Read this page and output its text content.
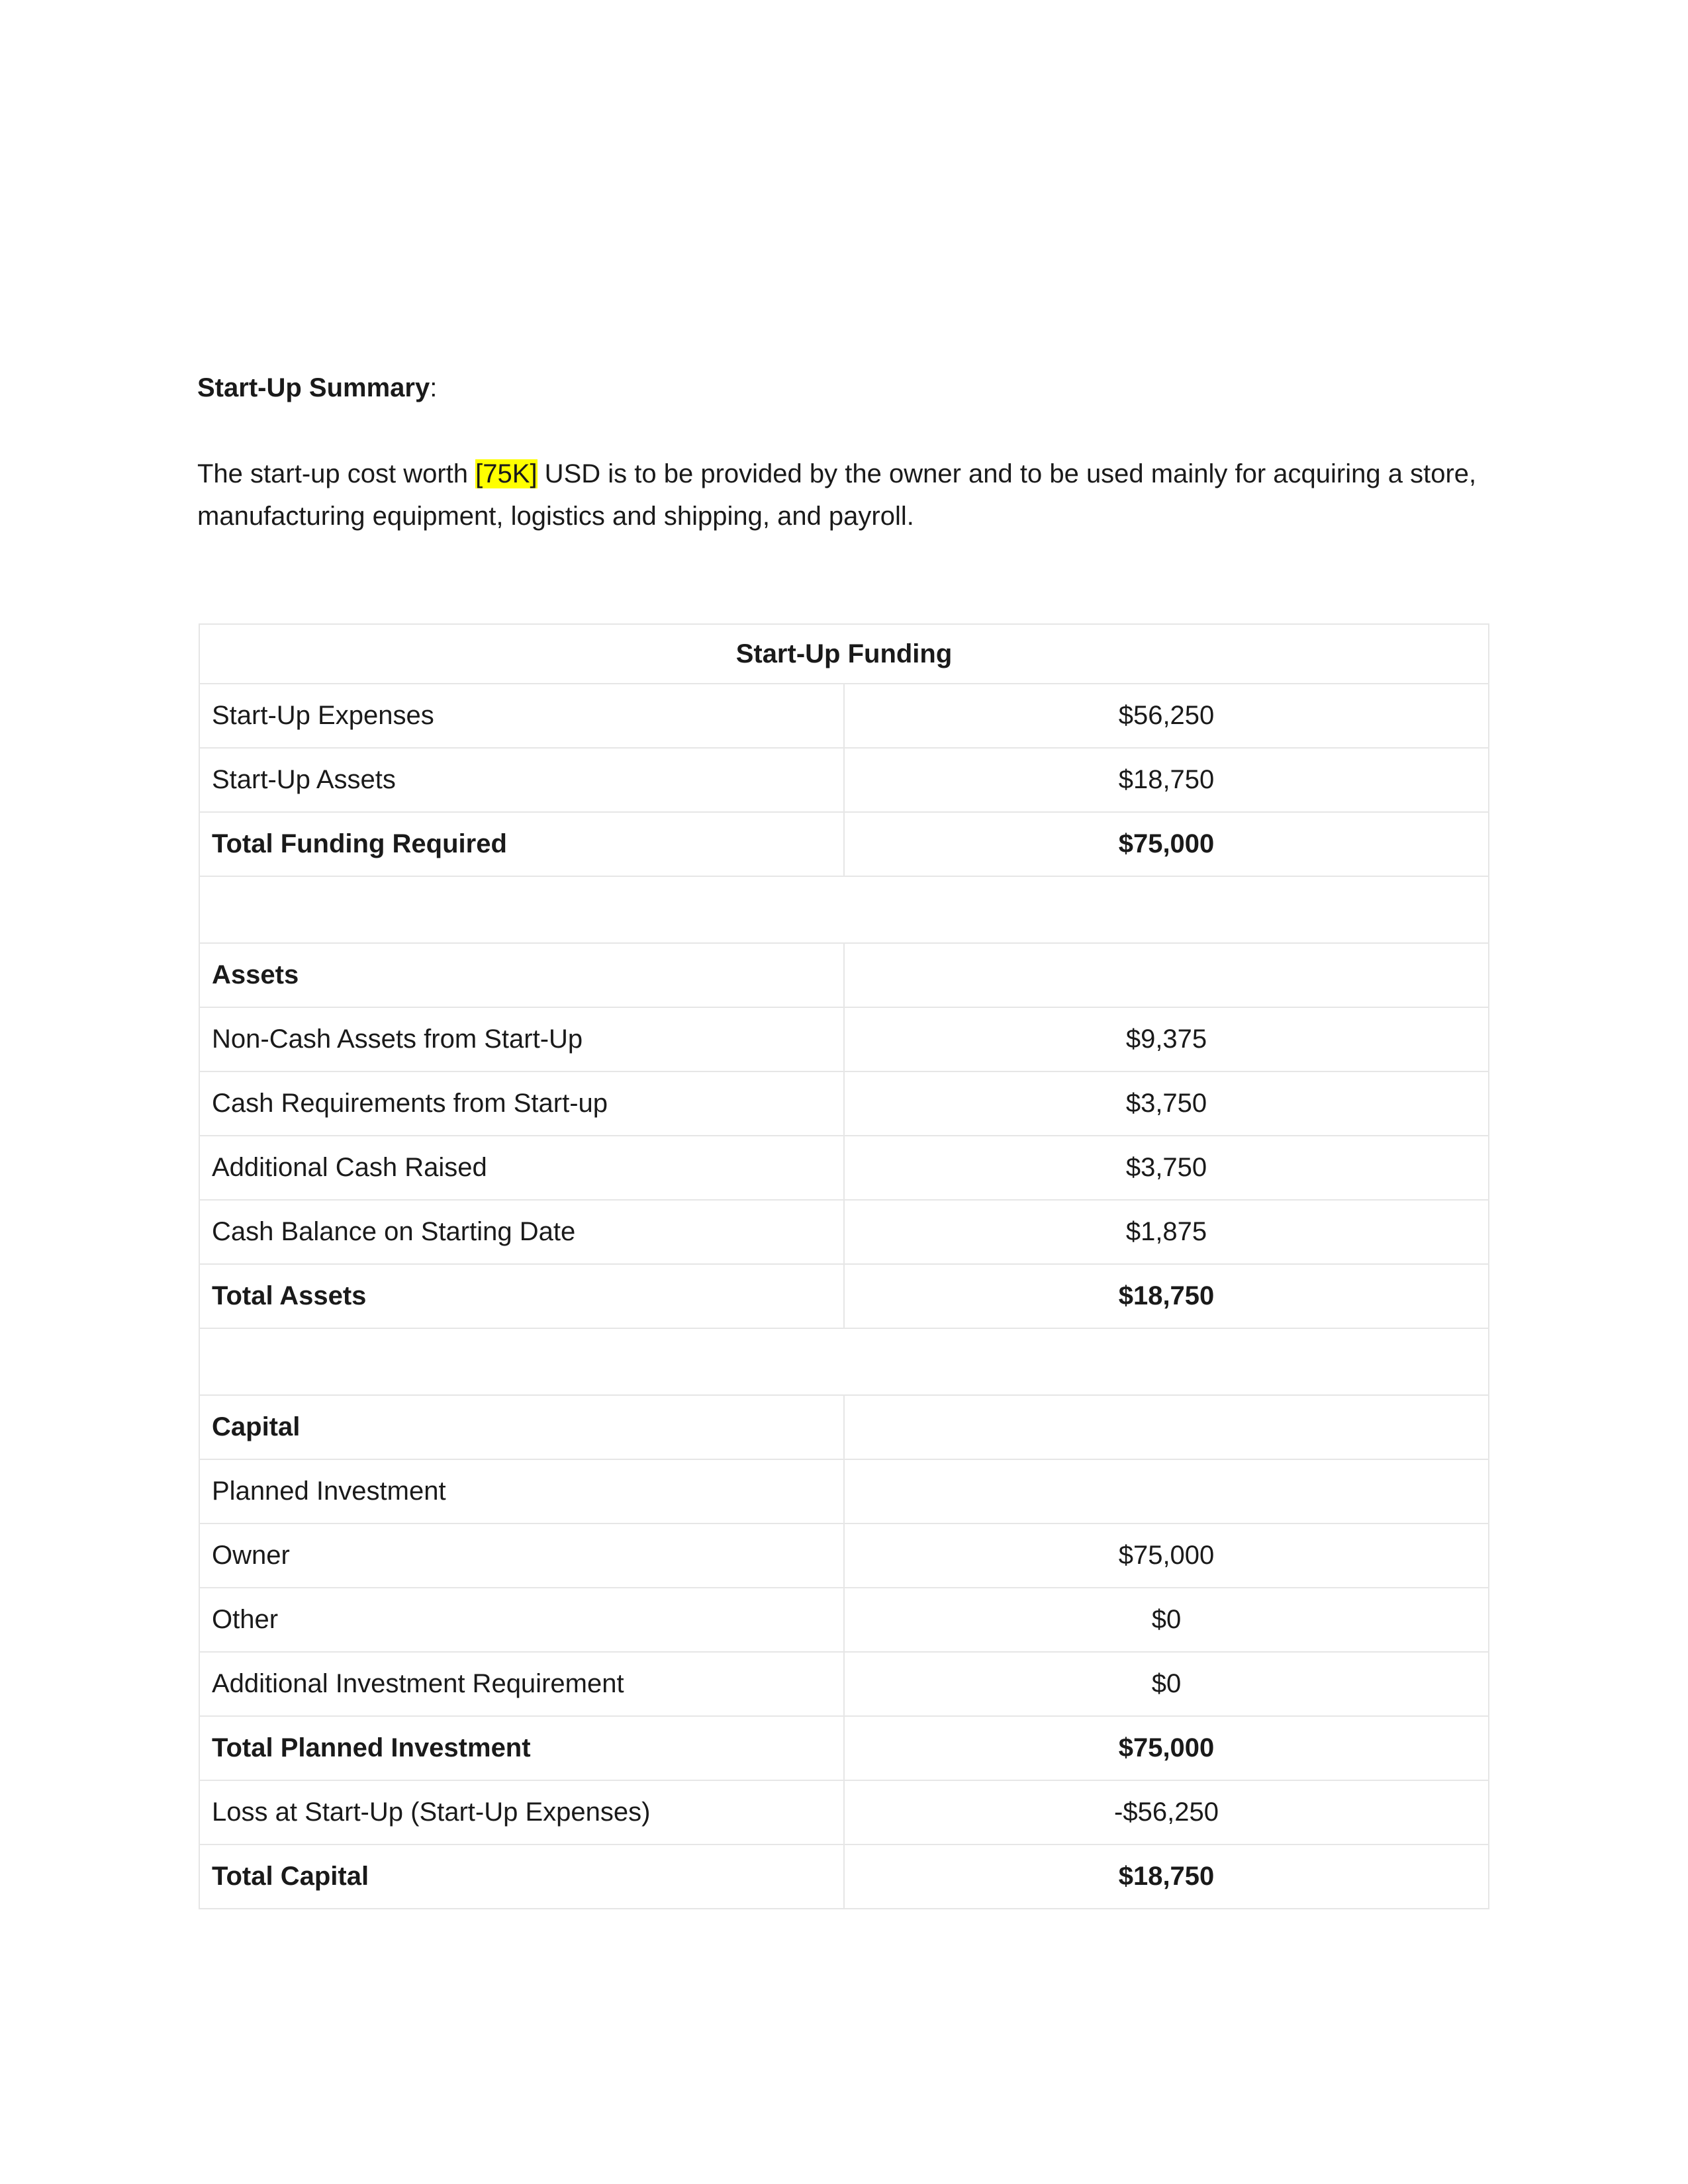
Start-Up Summary:
The start-up cost worth [75K] USD is to be provided by the owner and to be used mainly for acquiring a store, manufacturing equipment, logistics and shipping, and payroll.
Start-Up Funding	
Start-Up Expenses	$56,250
Start-Up Assets	$18,750
Total Funding Required	$75,000

Assets	
Non-Cash Assets from Start-Up	$9,375
Cash Requirements from Start-up	$3,750
Additional Cash Raised	$3,750
Cash Balance on Starting Date	$1,875
Total Assets	$18,750

Capital	
Planned Investment	
Owner	$75,000
Other	$0
Additional Investment Requirement	$0
Total Planned Investment	$75,000
Loss at Start-Up (Start-Up Expenses)	-$56,250
Total Capital	$18,750
